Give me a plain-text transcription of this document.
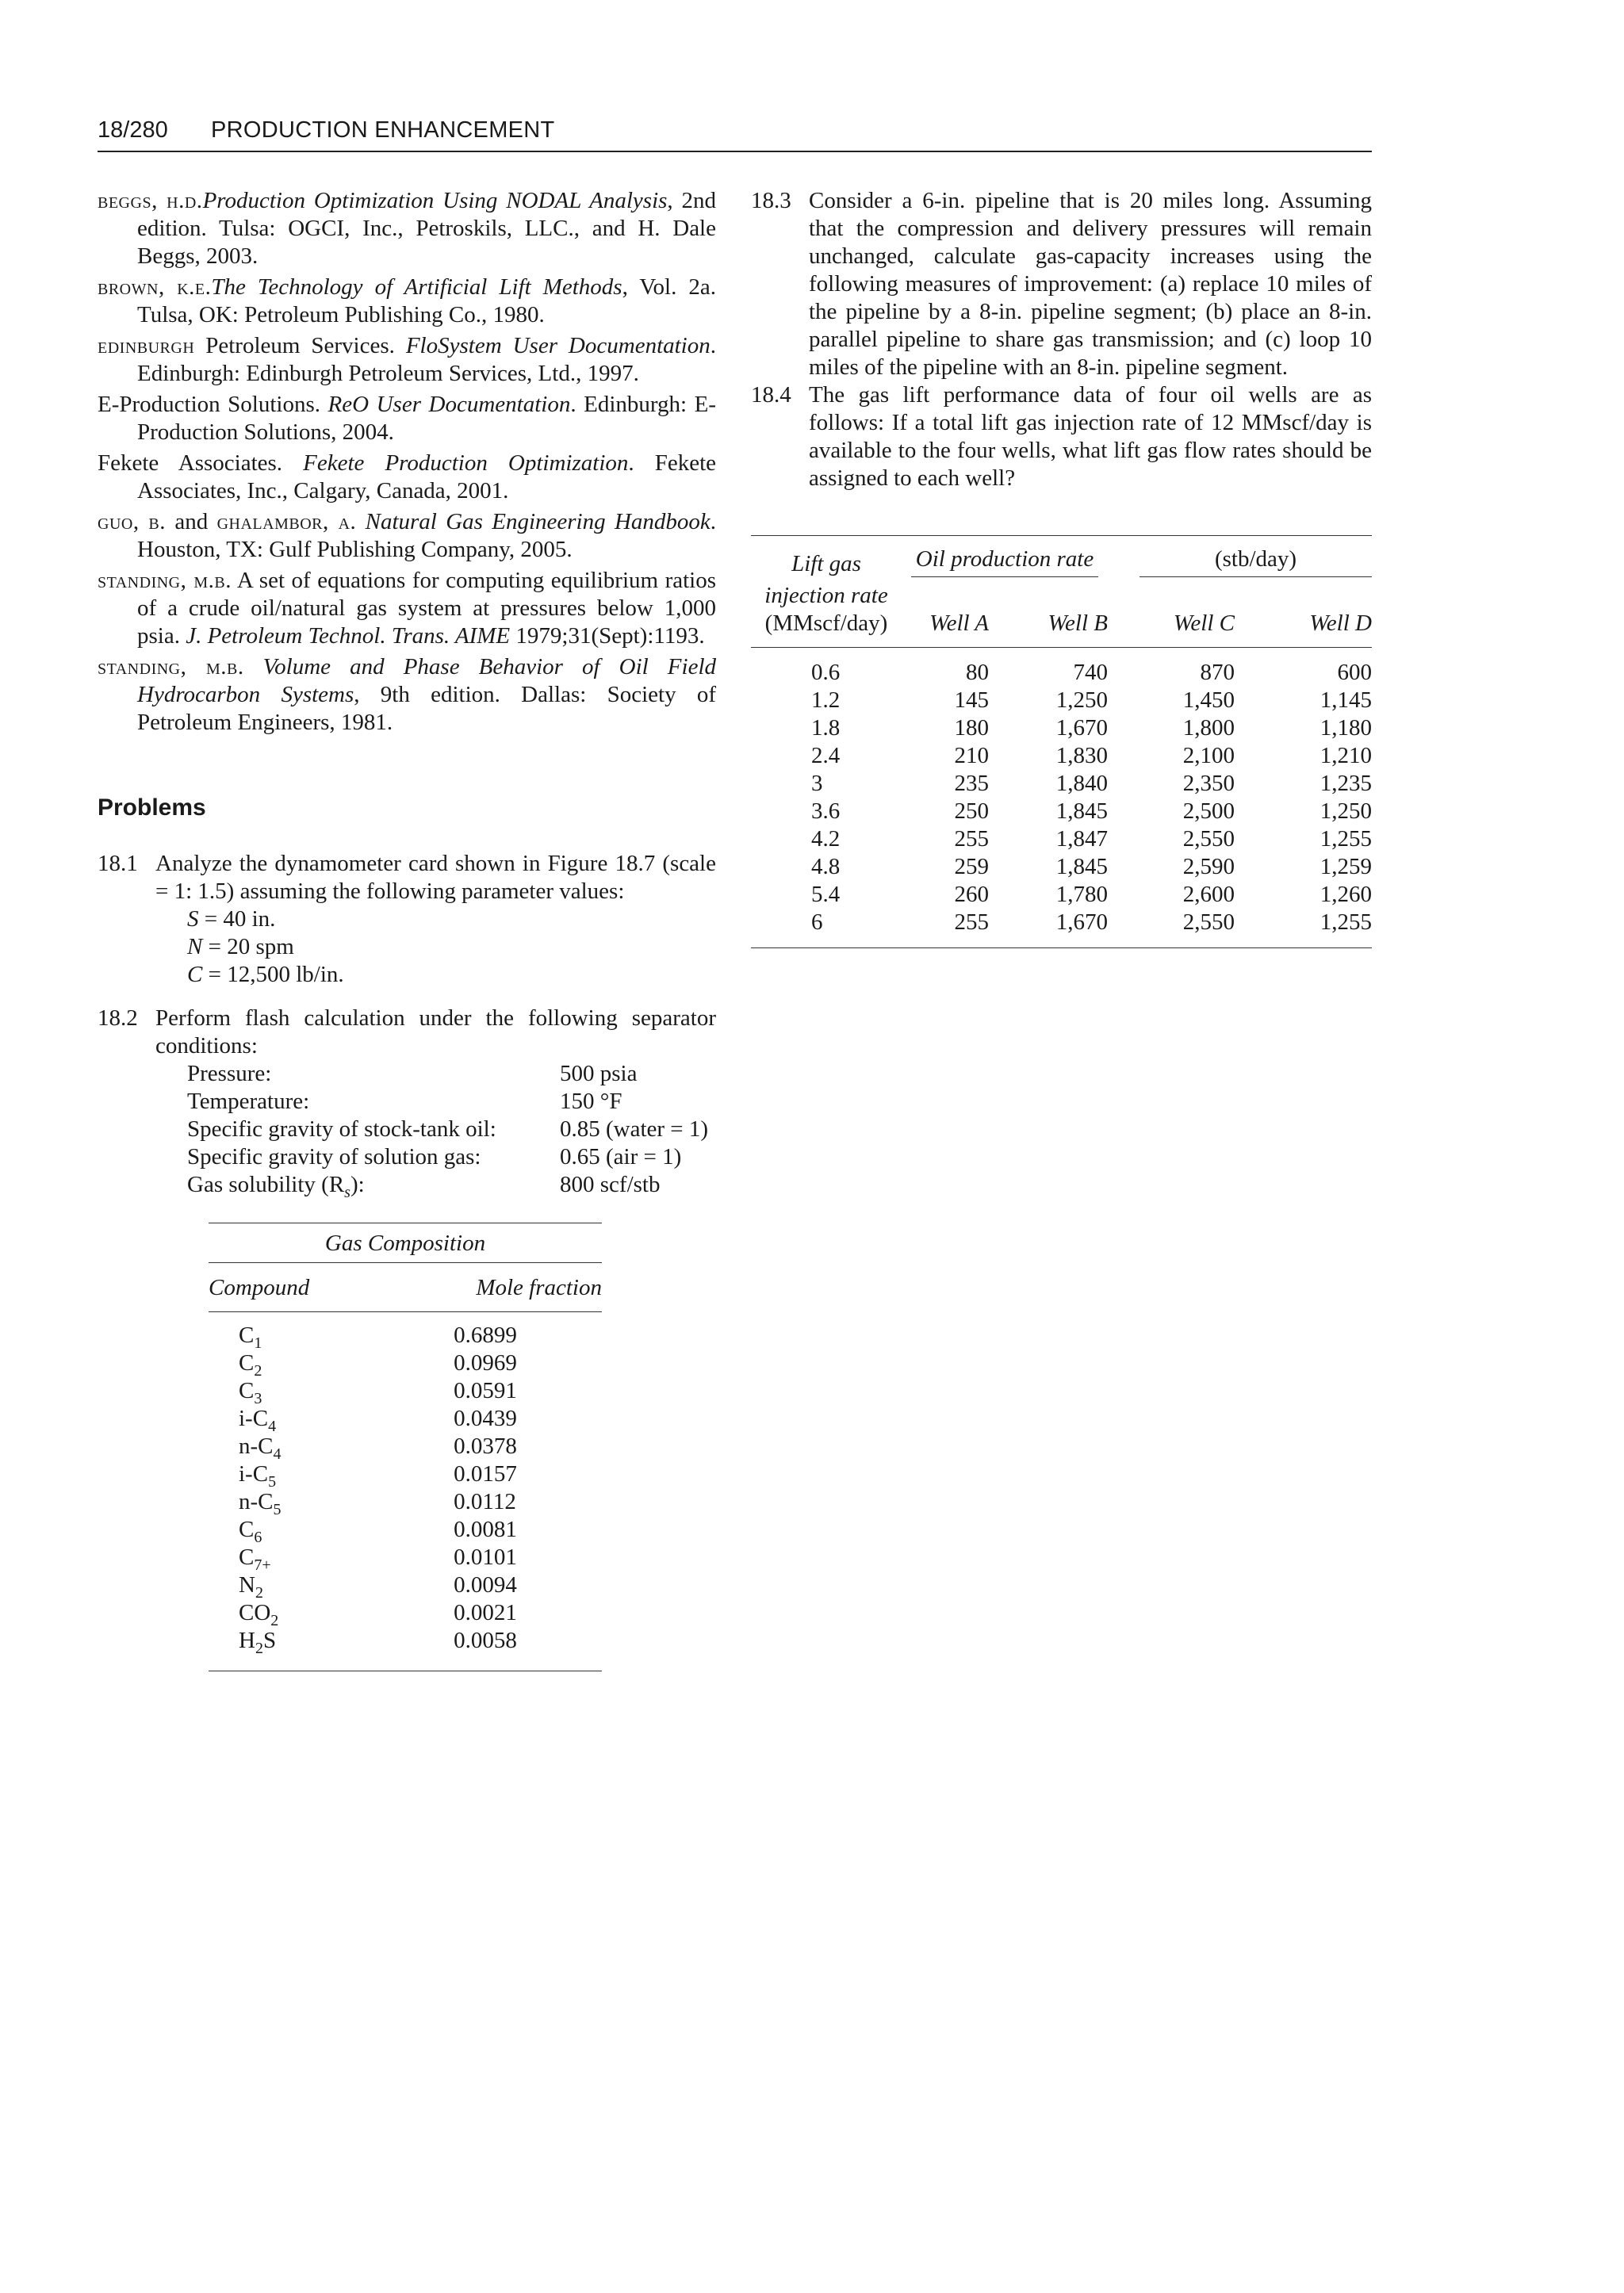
18/280 PRODUCTION ENHANCEMENT

beggs, h.d.Production Optimization Using NODAL Analysis, 2nd edition. Tulsa: OGCI, Inc., Petroskils, LLC., and H. Dale Beggs, 2003.

brown, k.e.The Technology of Artificial Lift Methods, Vol. 2a. Tulsa, OK: Petroleum Publishing Co., 1980.

edinburgh Petroleum Services. FloSystem User Documentation. Edinburgh: Edinburgh Petroleum Services, Ltd., 1997.

E-Production Solutions. ReO User Documentation. Edinburgh: E-Production Solutions, 2004.

Fekete Associates. Fekete Production Optimization. Fekete Associates, Inc., Calgary, Canada, 2001.

guo, b. and ghalambor, a. Natural Gas Engineering Handbook. Houston, TX: Gulf Publishing Company, 2005.

standing, m.b. A set of equations for computing equilibrium ratios of a crude oil/natural gas system at pressures below 1,000 psia. J. Petroleum Technol. Trans. AIME 1979;31(Sept):1193.

standing, m.b. Volume and Phase Behavior of Oil Field Hydrocarbon Systems, 9th edition. Dallas: Society of Petroleum Engineers, 1981.

Problems
18.1 Analyze the dynamometer card shown in Figure 18.7 (scale = 1: 1.5) assuming the following parameter values:
S = 40 in.
N = 20 spm
C = 12,500 lb/in.
18.2 Perform flash calculation under the following separator conditions:
Pressure:	500 psia
Temperature:	150 °F
Specific gravity of stock-tank oil:	0.85 (water = 1)
Specific gravity of solution gas:	0.65 (air = 1)
Gas solubility $(R_s)$:	800 scf/stb
Gas Composition	
Compound	Mole fraction
$C_1$	0.6899
$C_2$	0.0969
$C_3$	0.0591
$i-C_4$	0.0439
$n-C_4$	0.0378
$i-C_5$	0.0157
$n-C_5$	0.0112
$C_6$	0.0081
$C_{7+}$	0.0101
$N_2$	0.0094
$CO_2$	0.0021
$H_2S$	0.0058
18.3 Consider a 6-in. pipeline that is 20 miles long. Assuming that the compression and delivery pressures will remain unchanged, calculate gas-capacity increases using the following measures of improvement: (a) replace 10 miles of the pipeline by a 8-in. pipeline segment; (b) place an 8-in. parallel pipeline to share gas transmission; and (c) loop 10 miles of the pipeline with an 8-in. pipeline segment.
18.4 The gas lift performance data of four oil wells are as follows: If a total lift gas injection rate of 12 MMscf/day is available to the four wells, what lift gas flow rates should be assigned to each well?
Lift gas	Oil production rate		(stb/day)	

injection rate				
(MMscf/day)	Well A	Well B	Well C	Well D
0.6	80	740	870	600
1.2	145	1,250	1,450	1,145
1.8	180	1,670	1,800	1,180
2.4	210	1,830	2,100	1,210
3	235	1,840	2,350	1,235
3.6	250	1,845	2,500	1,250
4.2	255	1,847	2,550	1,255
4.8	259	1,845	2,590	1,259
5.4	260	1,780	2,600	1,260
6	255	1,670	2,550	1,255
